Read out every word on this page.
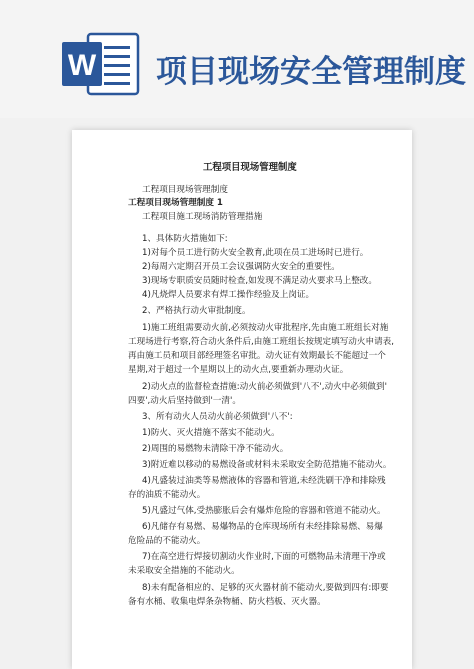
W 项目现场安全管理制度
工程项目现场管理制度
工程项目现场管理制度
工程项目现场管理制度 1
工程项目施工现场消防管理措施
1、具体防火措施如下:
1)对每个员工进行防火安全教育,此项在员工进场时已进行。
2)每周六定期召开员工会议强调防火安全的重要性。
3)现场专职质安员随时检查,如发现不满足动火要求马上整改。
4)凡烧焊人员要求有焊工操作经验及上岗证。
2、严格执行动火审批制度。
1)施工班组需要动火前,必须按动火审批程序,先由施工班组长对施
工现场进行考察,符合动火条件后,由施工班组长按规定填写动火申请表,
再由施工员和项目部经理签名审批。动火证有效期最长不能超过一个
星期,对于超过一个星期以上的动火点,要重新办理动火证。
2)动火点的监督检查措施:动火前必须做到'八不',动火中必须做到'
四要',动火后坚持做到'一清'。
3、所有动火人员动火前必须做到'八不':
1)防火、灭火措施不落实不能动火。
2)周围的易燃物未清除干净不能动火。
3)附近难以移动的易燃设备或材料未采取安全防范措施不能动火。
4)凡盛装过油类等易燃液体的容器和管道,未经洗刷干净和排除残
存的油质不能动火。
5)凡盛过气体,受热膨胀后会有爆炸危险的容器和管道不能动火。
6)凡储存有易燃、易爆物品的仓库现场所有未经排除易燃、易爆
危险品的不能动火。
7)在高空进行焊接切割动火作业时,下面的可燃物品未清理干净或
未采取安全措施的不能动火。
8)未有配备相应的、足够的灭火器材前不能动火,要做到四有:即要
备有水桶、收集电焊条杂物桶、防火档板、灭火器。
